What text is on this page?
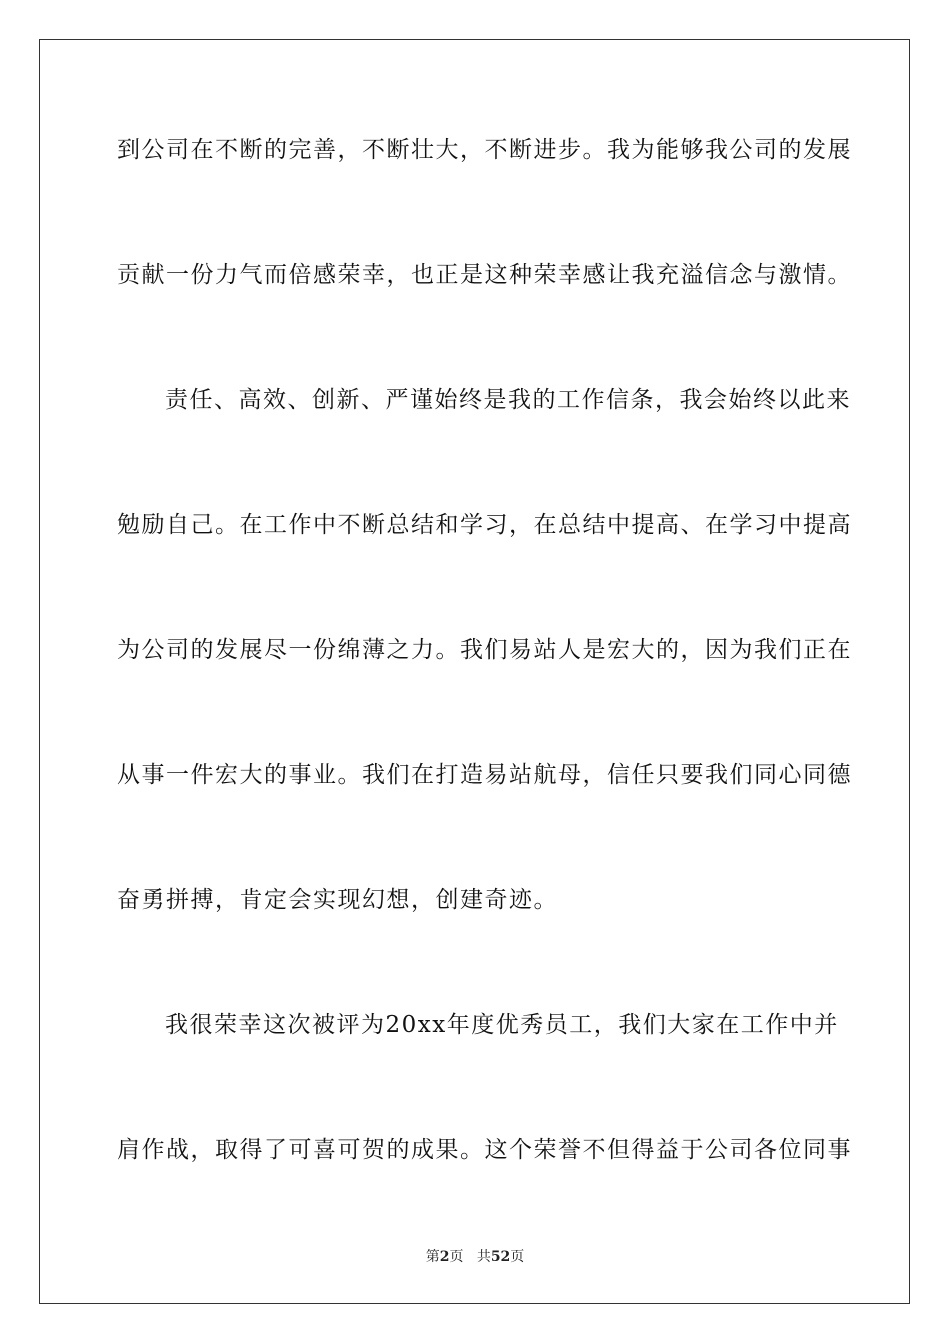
到公司在不断的完善，不断壮大，不断进步。我为能够我公司的发展
贡献一份力气而倍感荣幸，也正是这种荣幸感让我充溢信念与激情。
责任、高效、创新、严谨始终是我的工作信条，我会始终以此来
勉励自己。在工作中不断总结和学习，在总结中提高、在学习中提高
为公司的发展尽一份绵薄之力。我们易站人是宏大的，因为我们正在
从事一件宏大的事业。我们在打造易站航母，信任只要我们同心同德
奋勇拼搏，肯定会实现幻想，创建奇迹。
我很荣幸这次被评为20xx年度优秀员工，我们大家在工作中并
肩作战，取得了可喜可贺的成果。这个荣誉不但得益于公司各位同事
第2页 共52页
